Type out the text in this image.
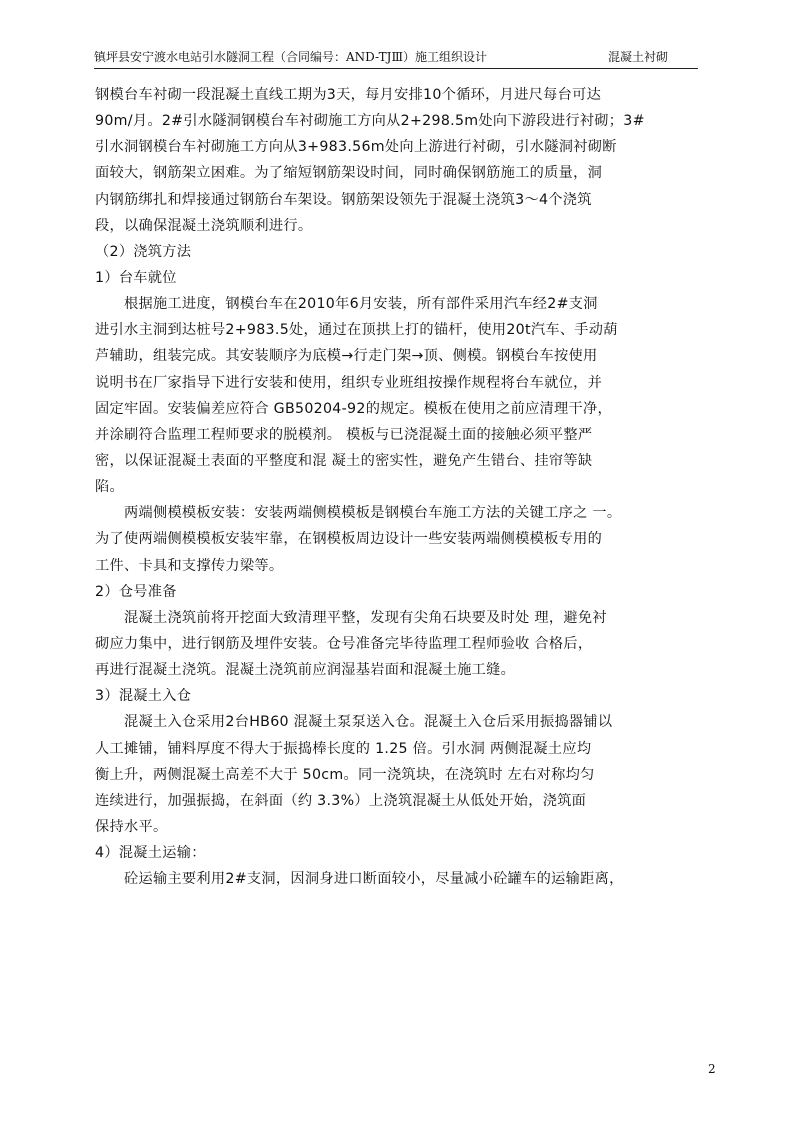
镇坪县安宁渡水电站引水隧洞工程（合同编号：AND-TJⅢ）施工组织设计	混凝土衬砌
钢模台车衬砌一段混凝土直线工期为3天，每月安排10个循环，月进尺每台可达
90m/月。2#引水隧洞钢模台车衬砌施工方向从2+298.5m处向下游段进行衬砌；3#
引水洞钢模台车衬砌施工方向从3+983.56m处向上游进行衬砌，引水隧洞衬砌断
面较大，钢筋架立困难。为了缩短钢筋架设时间，同时确保钢筋施工的质量，洞
内钢筋绑扎和焊接通过钢筋台车架设。钢筋架设领先于混凝土浇筑3～4个浇筑
段，以确保混凝土浇筑顺利进行。
（2）浇筑方法
1）台车就位
　　根据施工进度，钢模台车在2010年6月安装，所有部件采用汽车经2#支洞
进引水主洞到达桩号2+983.5处，通过在顶拱上打的锚杆，使用20t汽车、手动葫
芦辅助，组装完成。其安装顺序为底模→行走门架→顶、侧模。钢模台车按使用
说明书在厂家指导下进行安装和使用，组织专业班组按操作规程将台车就位，并
固定牢固。安装偏差应符合 GB50204-92的规定。模板在使用之前应清理干净，
并涂刷符合监理工程师要求的脱模剂。 模板与已浇混凝土面的接触必须平整严
密，以保证混凝土表面的平整度和混 凝土的密实性，避免产生错台、挂帘等缺
陷。
　　两端侧模模板安装：安装两端侧模模板是钢模台车施工方法的关键工序之 一。
为了使两端侧模模板安装牢靠，在钢模板周边设计一些安装两端侧模模板专用的
工件、卡具和支撑传力梁等。
2）仓号准备
　　混凝土浇筑前将开挖面大致清理平整，发现有尖角石块要及时处 理，避免衬
砌应力集中，进行钢筋及埋件安装。仓号准备完毕待监理工程师验收 合格后，
再进行混凝土浇筑。混凝土浇筑前应润湿基岩面和混凝土施工缝。
3）混凝土入仓
　　混凝土入仓采用2台HB60 混凝土泵泵送入仓。混凝土入仓后采用振捣器铺以
人工摊铺，铺料厚度不得大于振捣棒长度的 1.25 倍。引水洞 两侧混凝土应均
衡上升，两侧混凝土高差不大于 50cm。同一浇筑块，在浇筑时 左右对称均匀
连续进行，加强振捣，在斜面（约 3.3%）上浇筑混凝土从低处开始，浇筑面
保持水平。
4）混凝土运输：
　　砼运输主要利用2#支洞，因洞身进口断面较小，尽量减小砼罐车的运输距离，
2
